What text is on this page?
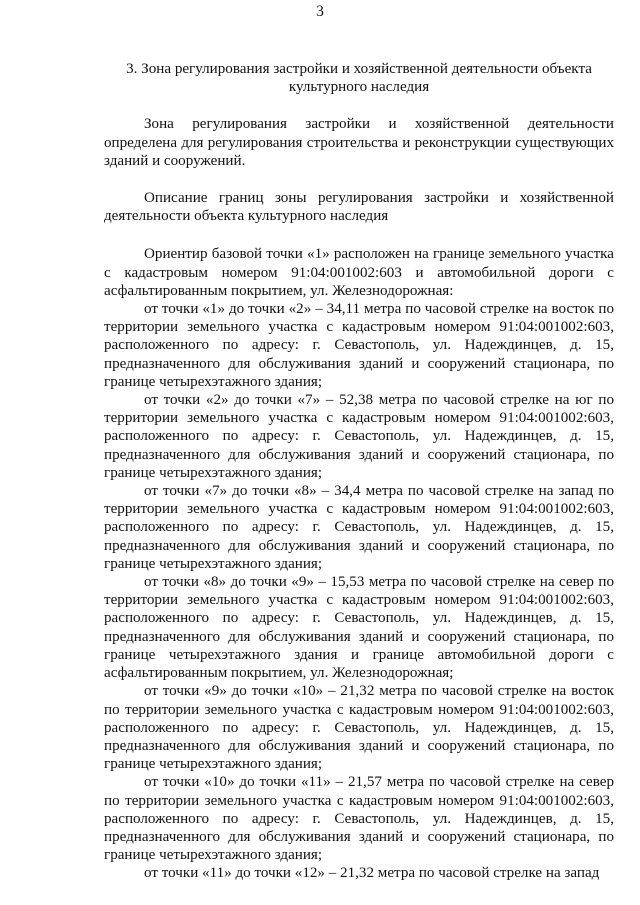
3

3. Зона регулирования застройки и хозяйственной деятельности объекта культурного наследия

Зона регулирования застройки и хозяйственной деятельности определена для регулирования строительства и реконструкции существующих зданий и сооружений.

Описание границ зоны регулирования застройки и хозяйственной деятельности объекта культурного наследия

Ориентир базовой точки «1» расположен на границе земельного участка с кадастровым номером 91:04:001002:603 и автомобильной дороги с асфальтированным покрытием, ул. Железнодорожная:

от точки «1» до точки «2» – 34,11 метра по часовой стрелке на восток по территории земельного участка с кадастровым номером 91:04:001002:603, расположенного по адресу: г. Севастополь, ул. Надеждинцев, д. 15, предназначенного для обслуживания зданий и сооружений стационара, по границе четырехэтажного здания;

от точки «2» до точки «7» – 52,38 метра по часовой стрелке на юг по территории земельного участка с кадастровым номером 91:04:001002:603, расположенного по адресу: г. Севастополь, ул. Надеждинцев, д. 15, предназначенного для обслуживания зданий и сооружений стационара, по границе четырехэтажного здания;

от точки «7» до точки «8» – 34,4 метра по часовой стрелке на запад по территории земельного участка с кадастровым номером 91:04:001002:603, расположенного по адресу: г. Севастополь, ул. Надеждинцев, д. 15, предназначенного для обслуживания зданий и сооружений стационара, по границе четырехэтажного здания;

от точки «8» до точки «9» – 15,53 метра по часовой стрелке на север по территории земельного участка с кадастровым номером 91:04:001002:603, расположенного по адресу: г. Севастополь, ул. Надеждинцев, д. 15, предназначенного для обслуживания зданий и сооружений стационара, по границе четырехэтажного здания и границе автомобильной дороги с асфальтированным покрытием, ул. Железнодорожная;

от точки «9» до точки «10» – 21,32 метра по часовой стрелке на восток по территории земельного участка с кадастровым номером 91:04:001002:603, расположенного по адресу: г. Севастополь, ул. Надеждинцев, д. 15, предназначенного для обслуживания зданий и сооружений стационара, по границе четырехэтажного здания;

от точки «10» до точки «11» – 21,57 метра по часовой стрелке на север по территории земельного участка с кадастровым номером 91:04:001002:603, расположенного по адресу: г. Севастополь, ул. Надеждинцев, д. 15, предназначенного для обслуживания зданий и сооружений стационара, по границе четырехэтажного здания;

от точки «11» до точки «12» – 21,32 метра по часовой стрелке на запад
